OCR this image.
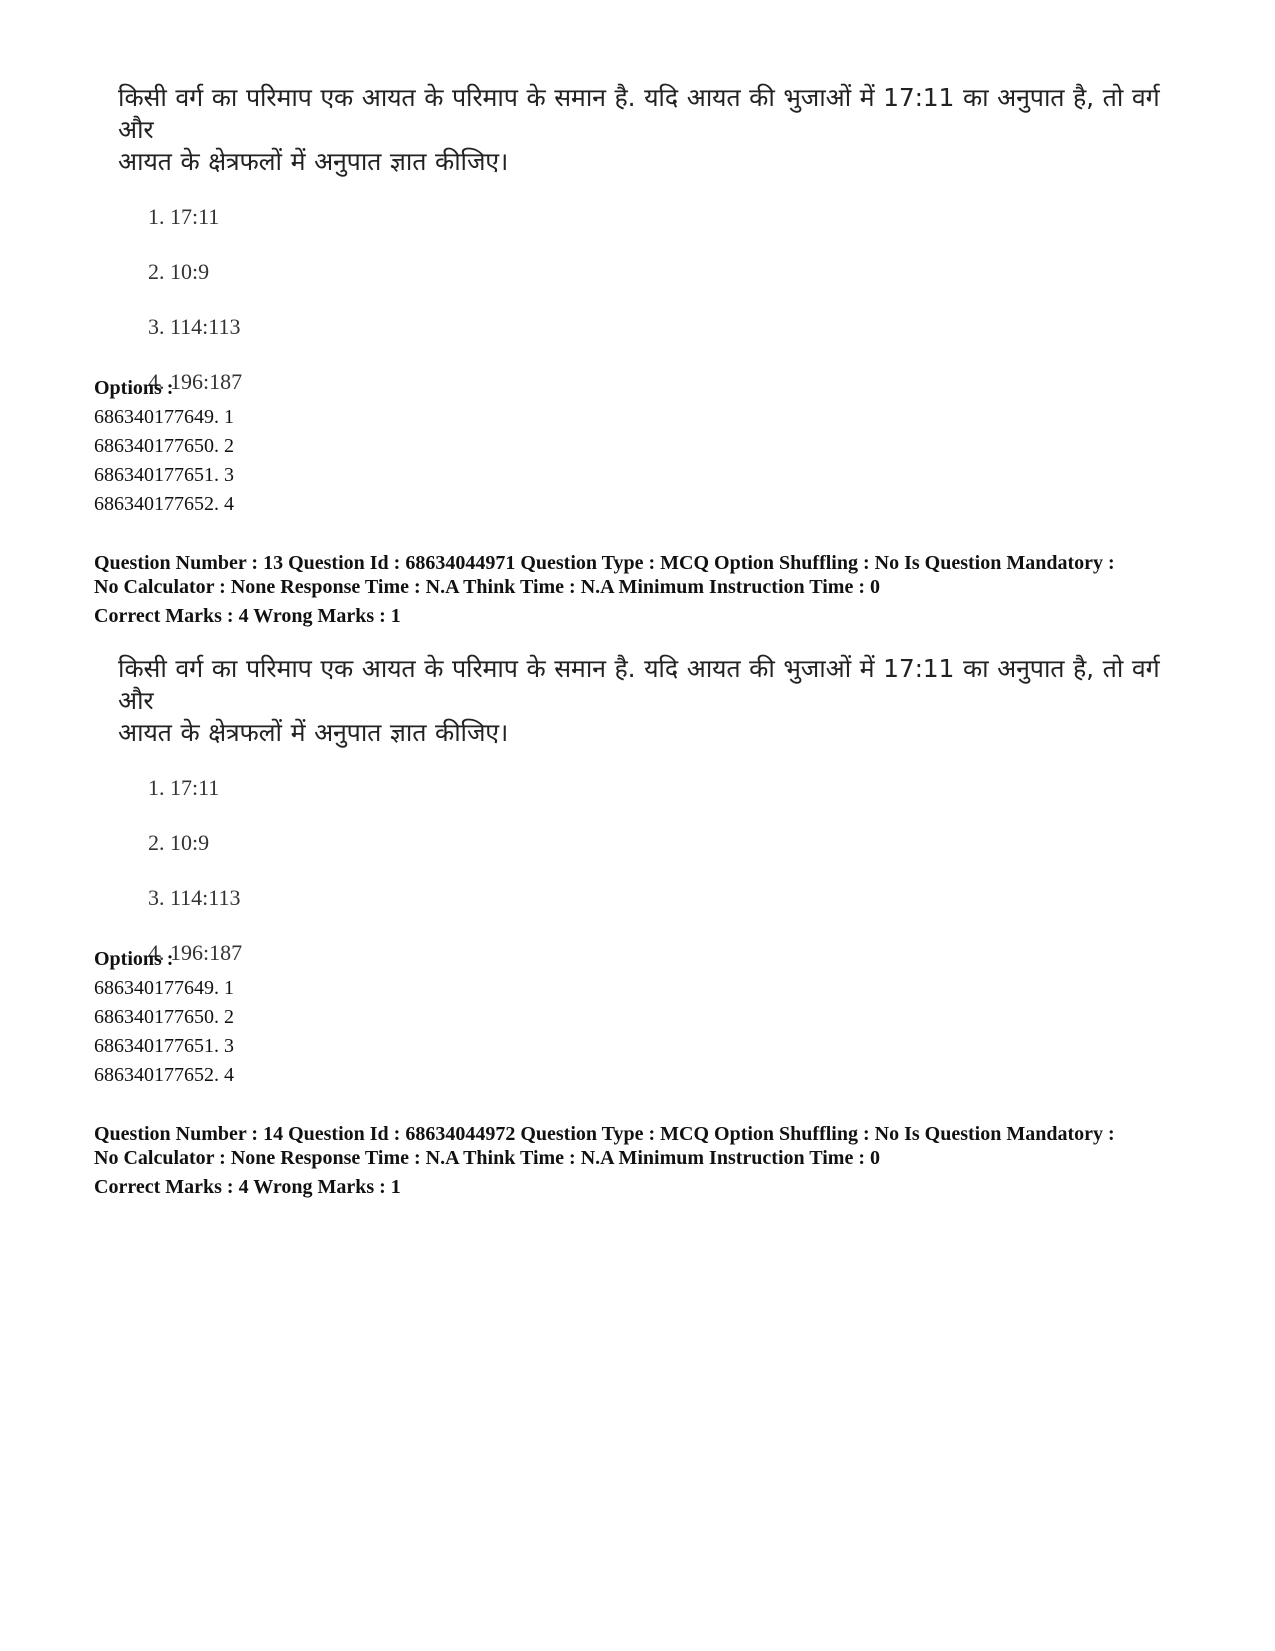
किसी वर्ग का परिमाप एक आयत के परिमाप के समान है. यदि आयत की भुजाओं में 17:11 का अनुपात है, तो वर्ग और

आयत के क्षेत्रफलों में अनुपात ज्ञात कीजिए।

1. 17:11
2. 10:9
3. 114:113
4. 196:187
Options :
686340177649. 1
686340177650. 2
686340177651. 3
686340177652. 4
Question Number : 13 Question Id : 68634044971 Question Type : MCQ Option Shuffling : No Is Question Mandatory :
No Calculator : None Response Time : N.A Think Time : N.A Minimum Instruction Time : 0
Correct Marks : 4 Wrong Marks : 1

किसी वर्ग का परिमाप एक आयत के परिमाप के समान है. यदि आयत की भुजाओं में 17:11 का अनुपात है, तो वर्ग और

आयत के क्षेत्रफलों में अनुपात ज्ञात कीजिए।

1. 17:11
2. 10:9
3. 114:113
4. 196:187
Options :
686340177649. 1
686340177650. 2
686340177651. 3
686340177652. 4
Question Number : 14 Question Id : 68634044972 Question Type : MCQ Option Shuffling : No Is Question Mandatory :
No Calculator : None Response Time : N.A Think Time : N.A Minimum Instruction Time : 0
Correct Marks : 4 Wrong Marks : 1
